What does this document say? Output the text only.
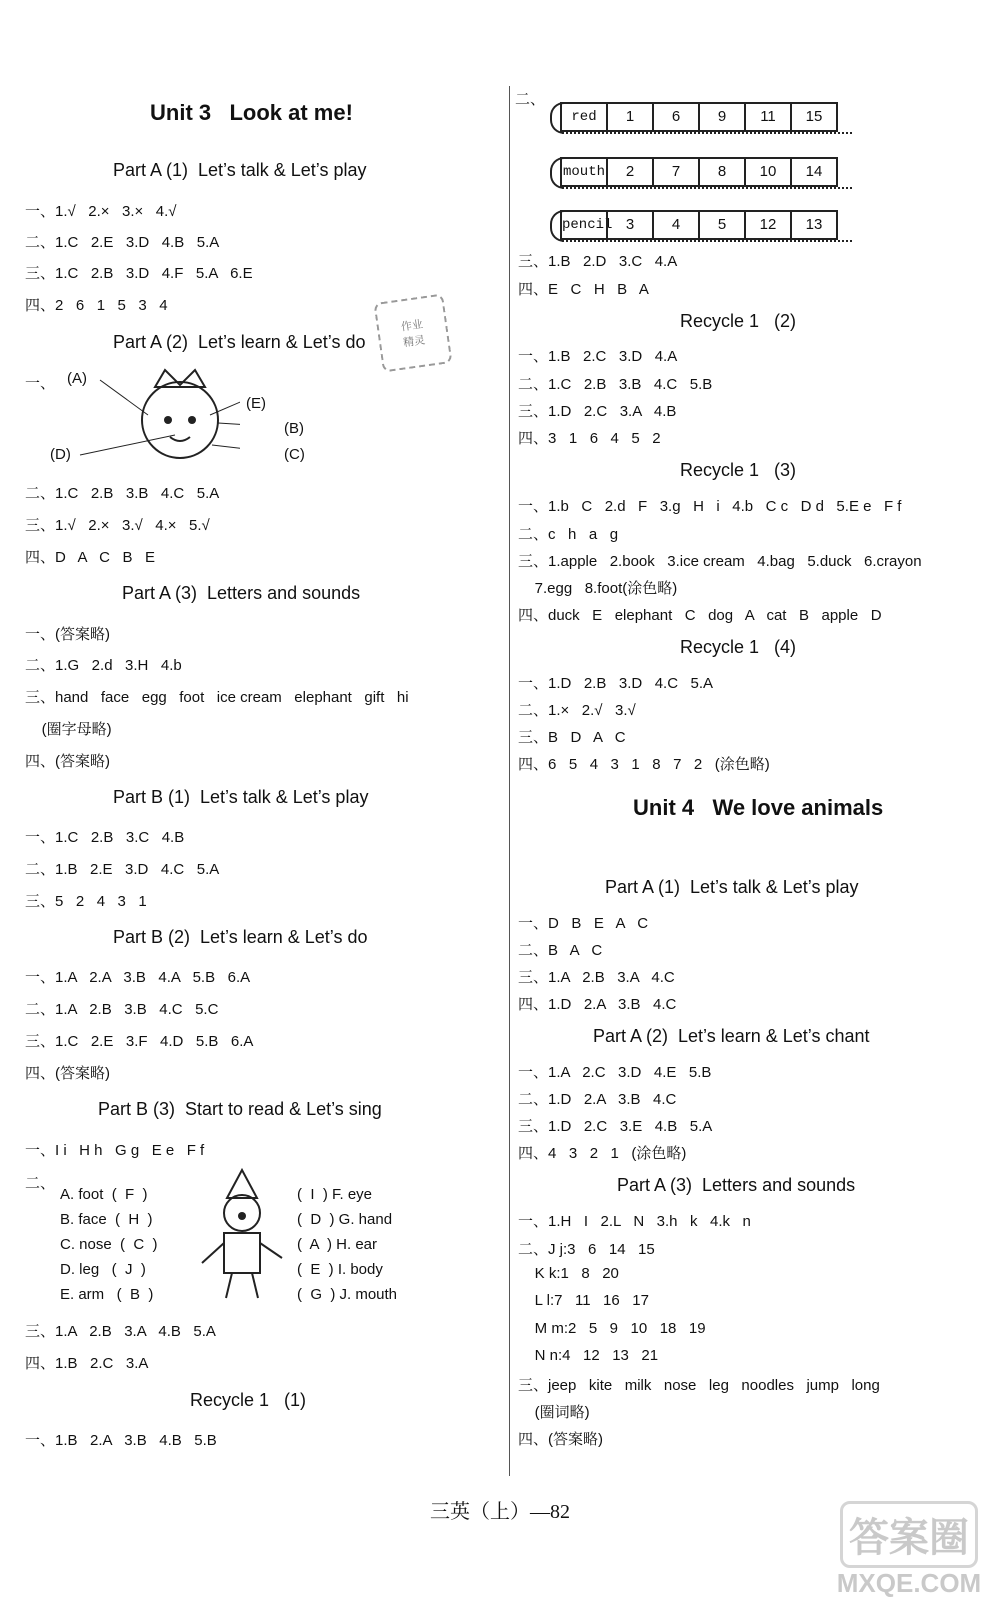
Unit 3   Look at me!
Part A (1)  Let’s talk & Let’s play
一、1.√   2.×   3.×   4.√
二、1.C   2.E   3.D   4.B   5.A
三、1.C   2.B   3.D   4.F   5.A   6.E
四、2   6   1   5   3   4
作业
精灵
Part A (2)  Let’s learn & Let’s do
一、 (A)
(E)
(B)
(C)
(D)
二、1.C   2.B   3.B   4.C   5.A
三、1.√   2.×   3.√   4.×   5.√
四、D   A   C   B   E
Part A (3)  Letters and sounds
一、(答案略)
二、1.G   2.d   3.H   4.b
三、hand   face   egg   foot   ice cream   elephant   gift   hi
(圈字母略)
四、(答案略)
Part B (1)  Let’s talk & Let’s play
一、1.C   2.B   3.C   4.B
二、1.B   2.E   3.D   4.C   5.A
三、5   2   4   3   1
Part B (2)  Let’s learn & Let’s do
一、1.A   2.A   3.B   4.A   5.B   6.A
二、1.A   2.B   3.B   4.C   5.C
三、1.C   2.E   3.F   4.D   5.B   6.A
四、(答案略)
Part B (3)  Start to read & Let’s sing
一、I i   H h   G g   E e   F f
二、
A. foot  (  F  )
B. face  (  H  )
C. nose  (  C  )
D. leg   (  J  )
E. arm   (  B  )
(  I  ) F. eye
(  D  ) G. hand
(  A  ) H. ear
(  E  ) I. body
(  G  ) J. mouth
三、1.A   2.B   3.A   4.B   5.A
四、1.B   2.C   3.A
Recycle 1   (1)
一、1.B   2.A   3.B   4.B   5.B
二、
red	1	6	9	11	15
mouth	2	7	8	10	14
pencil 3	4	5	12	13
三、1.B   2.D   3.C   4.A
四、E   C   H   B   A
Recycle 1   (2)
一、1.B   2.C   3.D   4.A
二、1.C   2.B   3.B   4.C   5.B
三、1.D   2.C   3.A   4.B
四、3   1   6   4   5   2
Recycle 1   (3)
一、1.b   C   2.d   F   3.g   H   i   4.b   C c   D d   5.E e   F f
二、c   h   a   g
三、1.apple   2.book   3.ice cream   4.bag   5.duck   6.crayon
7.egg   8.foot(涂色略)
四、duck   E   elephant   C   dog   A   cat   B   apple   D
Recycle 1   (4)
一、1.D   2.B   3.D   4.C   5.A
二、1.×   2.√   3.√
三、B   D   A   C
四、6   5   4   3   1   8   7   2   (涂色略)
Unit 4   We love animals
Part A (1)  Let’s talk & Let’s play
一、D   B   E   A   C
二、B   A   C
三、1.A   2.B   3.A   4.C
四、1.D   2.A   3.B   4.C
Part A (2)  Let’s learn & Let’s chant
一、1.A   2.C   3.D   4.E   5.B
二、1.D   2.A   3.B   4.C
三、1.D   2.C   3.E   4.B   5.A
四、4   3   2   1   (涂色略)
Part A (3)  Letters and sounds
一、1.H   I   2.L   N   3.h   k   4.k   n
二、J j:3   6   14   15
K k:1   8   20
L l:7   11   16   17
M m:2   5   9   10   18   19
N n:4   12   13   21
三、jeep   kite   milk   nose   leg   noodles   jump   long
(圈词略)
四、(答案略)
三英（上）—82
答案圈
MXQE.COM
